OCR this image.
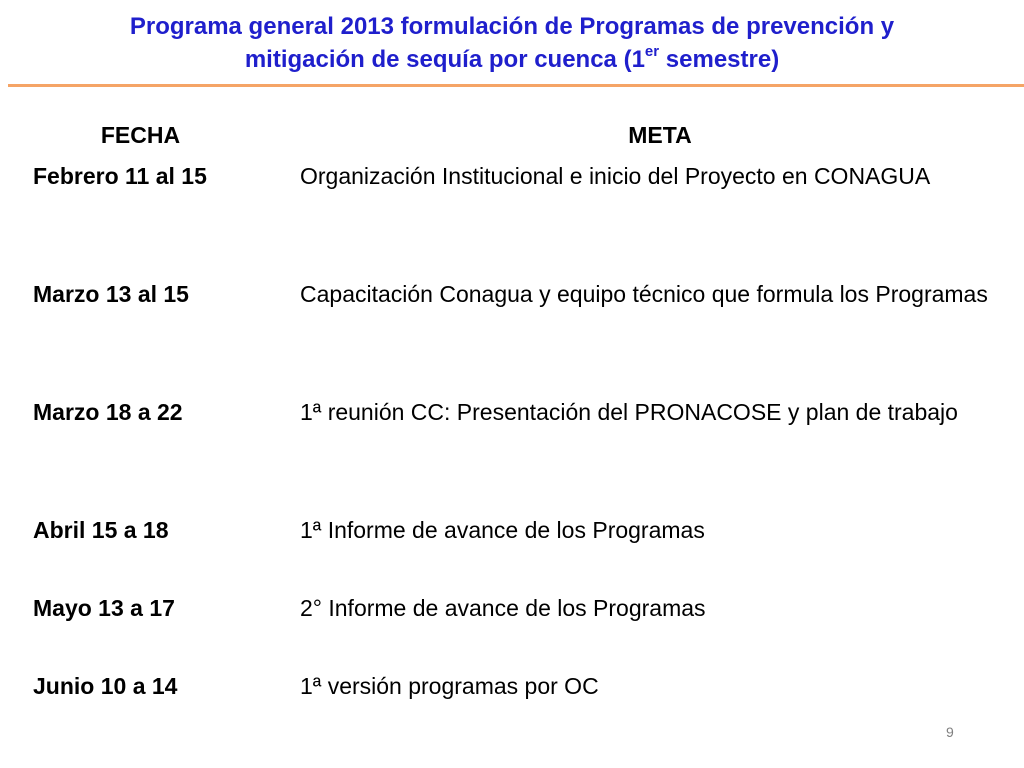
Programa general 2013 formulación de Programas de prevención y
mitigación de sequía por cuenca (1er semestre)
FECHA	META
Febrero 11 al 15	Organización Institucional e inicio del Proyecto en CONAGUA
Marzo 13 al 15	Capacitación Conagua y equipo técnico que formula los Programas
Marzo 18 a 22	1ª reunión CC: Presentación del PRONACOSE y plan de trabajo
Abril 15 a 18	1ª Informe de avance de los Programas
Mayo 13 a 17	2° Informe de avance de los Programas
Junio 10 a 14	1ª versión programas por OC
9
